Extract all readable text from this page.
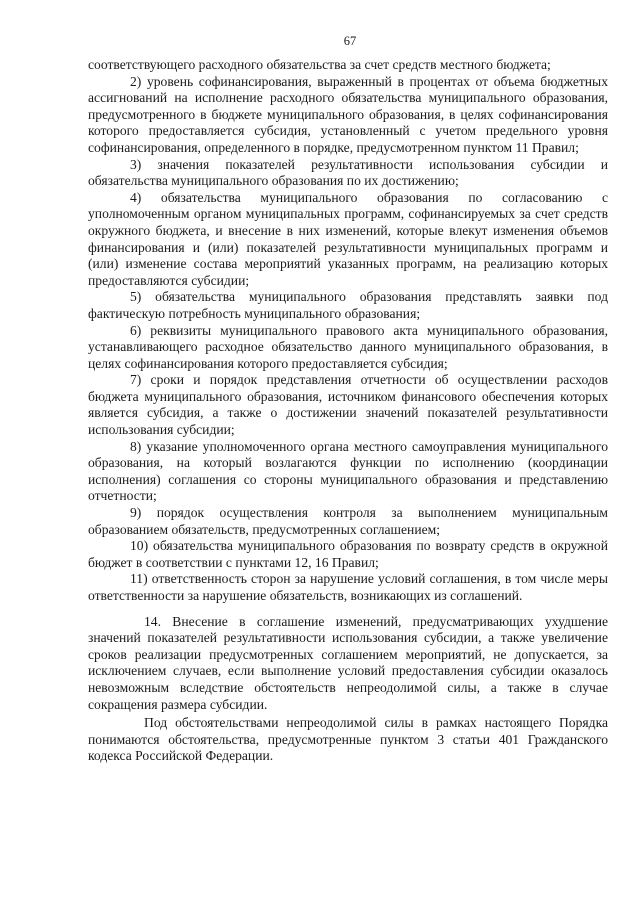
67

соответствующего расходного обязательства за счет средств местного бюджета;

2) уровень софинансирования, выраженный в процентах от объема бюджетных ассигнований на исполнение расходного обязательства муниципального образования, предусмотренного в бюджете муниципального образования, в целях софинансирования которого предоставляется субсидия, установленный с учетом предельного уровня софинансирования, определенного в порядке, предусмотренном пунктом 11 Правил;

3) значения показателей результативности использования субсидии и обязательства муниципального образования по их достижению;

4) обязательства муниципального образования по согласованию с уполномоченным органом муниципальных программ, софинансируемых за счет средств окружного бюджета, и внесение в них изменений, которые влекут изменения объемов финансирования и (или) показателей результативности муниципальных программ и (или) изменение состава мероприятий указанных программ, на реализацию которых предоставляются субсидии;

5) обязательства муниципального образования представлять заявки под фактическую потребность муниципального образования;

6) реквизиты муниципального правового акта муниципального образования, устанавливающего расходное обязательство данного муниципального образования, в целях софинансирования которого предоставляется субсидия;

7) сроки и порядок представления отчетности об осуществлении расходов бюджета муниципального образования, источником финансового обеспечения которых является субсидия, а также о достижении значений показателей результативности использования субсидии;

8) указание уполномоченного органа местного самоуправления муниципального образования, на который возлагаются функции по исполнению (координации исполнения) соглашения со стороны муниципального образования и представлению отчетности;

9) порядок осуществления контроля за выполнением муниципальным образованием обязательств, предусмотренных соглашением;

10) обязательства муниципального образования по возврату средств в окружной бюджет в соответствии с пунктами 12, 16 Правил;

11) ответственность сторон за нарушение условий соглашения, в том числе меры ответственности за нарушение обязательств, возникающих из соглашений.

14. Внесение в соглашение изменений, предусматривающих ухудшение значений показателей результативности использования субсидии, а также увеличение сроков реализации предусмотренных соглашением мероприятий, не допускается, за исключением случаев, если выполнение условий предоставления субсидии оказалось невозможным вследствие обстоятельств непреодолимой силы, а также в случае сокращения размера субсидии.

Под обстоятельствами непреодолимой силы в рамках настоящего Порядка понимаются обстоятельства, предусмотренные пунктом 3 статьи 401 Гражданского кодекса Российской Федерации.
